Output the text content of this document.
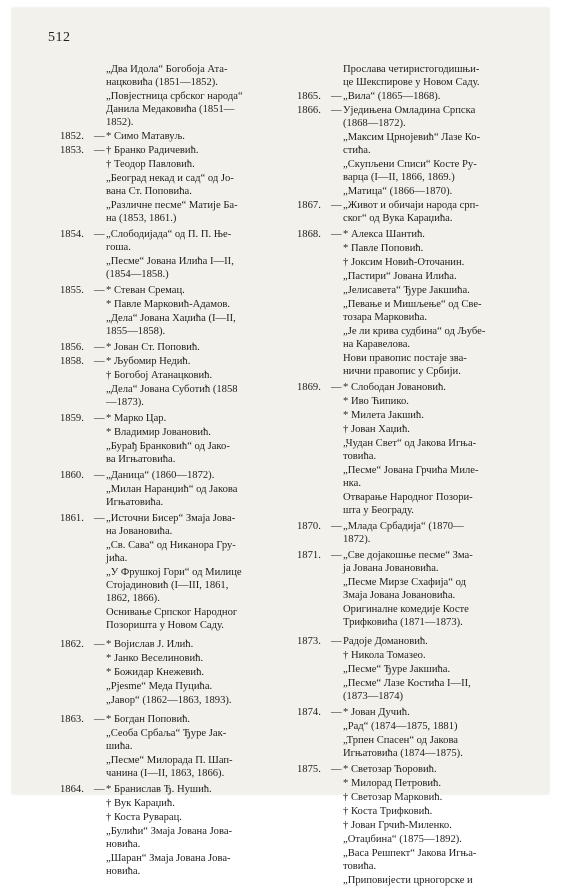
512
„Два Идола“ Богобоја Ата-
нацковића (1851—1852).
„Повјестница србског народа“
Данила Медаковића (1851—
1852).
1852. — * Симо Матавуљ.
1853. — † Бранко Радичевић.
† Теодор Павловић.
„Београд некад и сад“ од Јо-
вана Ст. Поповића.
„Различне песме“ Матије Ба-
на (1853, 1861.)
1854. — „Слободијада“ од П. П. Ње-
гоша.
„Песме“ Јована Илића I—II,
(1854—1858.)
1855. — * Стеван Сремац.
* Павле Марковић-Адамов.
„Дела“ Јована Хаџића (I—II,
1855—1858).
1856. — * Јован Ст. Поповић.
1858. — * Љубомир Недић.
† Богобој Атанацковић.
„Дела“ Јована Суботић (1858
—1873).
1859. — * Марко Цар.
* Владимир Јовановић.
„Бурађ Бранковић“ од Јако-
ва Игњатовића.
1860. — „Даница“ (1860—1872).
„Милан Наранџић“ од Јакова
Игњатовића.
1861. — „Источни Бисер“ Змаја Јова-
на Јовановића.
„Св. Сава“ од Никанора Гру-
јића.
„У Фрушкој Гори“ од Милице
Стојадиновић (I—III, 1861,
1862, 1866).
Оснивање Српског Народног
Позоришта у Новом Саду.
1862. — * Војислав Ј. Илић.
* Јанко Веселиновић.
* Божидар Кнежевић.
„Pjesme“ Меда Пуцића.
„Јавор“ (1862—1863, 1893).
1863. — * Богдан Поповић.
„Сеоба Србаља“ Ђуре Јак-
шића.
„Песме“ Милорада П. Шап-
чанина (I—II, 1863, 1866).
1864. — * Бранислав Ђ. Нушић.
† Вук Караџић.
† Коста Руварац.
„Булићи“ Змаја Јована Јова-
новића.
„Шаран“ Змаја Јована Јова-
новића.
Прослава четиристогодишњи-
це Шекспирове у Новом Саду.
1865. — „Вила“ (1865—1868).
1866. — Уједињена Омладина Српска
(1868—1872).
„Максим Црнојевић“ Лазе Ко-
стића.
„Скупљени Списи“ Косте Ру-
варца (I—II, 1866, 1869.)
„Матица“ (1866—1870).
1867. — „Живот и обичаји народа срп-
ског“ од Вука Караџића.
1868. — * Алекса Шантић.
* Павле Поповић.
† Јоксим Новић-Оточанин.
„Пастири“ Јована Илића.
„Јелисавета“ Ђуре Јакшића.
„Певање и Мишљење“ од Све-
тозара Марковића.
„Је ли крива судбина“ од Љубе-
на Каравелова.
Нови правопис постаје зва-
нични правопис у Србији.
1869. — * Слободан Јовановић.
* Иво Ћипико.
* Милета Јакшић.
† Јован Хаџић.
„Чудан Свет“ од Јакова Игња-
товића.
„Песме“ Јована Грчића Миле-
нка.
Отварање Народног Позори-
шта у Београду.
1870. — „Млада Србадија“ (1870—
1872).
1871. — „Све дојакошње песме“ Зма-
ја Јована Јовановића.
„Песме Мирзе Схафија“ од
Змаја Јована Јовановића.
Оригиналне комедије Косте
Трифковића (1871—1873).
1873. — Радоје Домановић.
† Никола Томазео.
„Песме“ Ђуре Јакшића.
„Песме“ Лазе Костића I—II,
(1873—1874)
1874. — * Јован Дучић.
„Рад“ (1874—1875, 1881)
„Трпен Спасен“ од Јакова
Игњатовића (1874—1875).
1875. — * Светозар Ћоровић.
* Милорад Петровић.
† Светозар Марковић.
† Коста Трифковић.
† Јован Грчић-Миленко.
„Отаџбина“ (1875—1892).
„Васа Решпект“ Јакова Игња-
товића.
„Приповијести црногорске и
